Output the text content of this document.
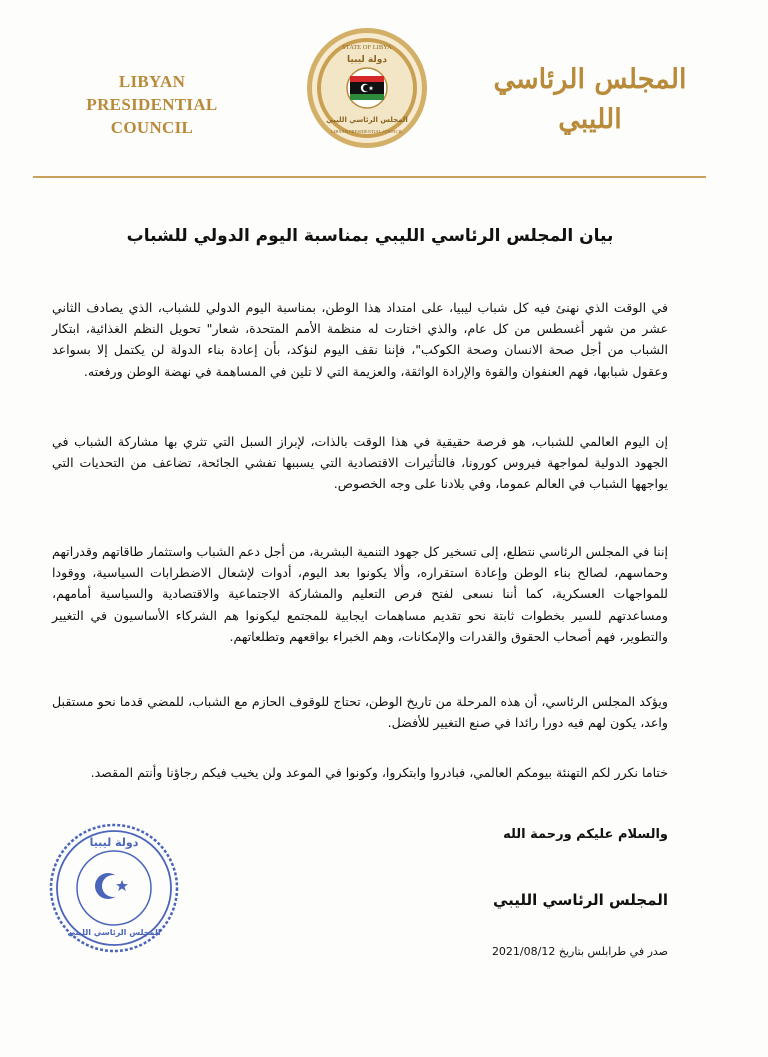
LIBYAN PRESIDENTIAL COUNCIL
STATE OF LIBYA
دولة ليبيا
المجلس الرئاسي الليبي
LIBYAN PRESIDENTIAL COUNCIL
المجلس الرئاسي الليبي
بيان المجلس الرئاسي الليبي بمناسبة اليوم الدولي للشباب
في الوقت الذي نهنئ فيه كل شباب ليبيا، على امتداد هذا الوطن، بمناسبة اليوم الدولي للشباب، الذي يصادف الثاني عشر من شهر أغسطس من كل عام، والذي اختارت له منظمة الأمم المتحدة، شعار" تحويل النظم الغذائية، ابتكار الشباب من أجل صحة الانسان وصحة الكوكب"، فإننا نقف اليوم لنؤكد، بأن إعادة بناء الدولة لن يكتمل إلا بسواعد وعقول شبابها، فهم العنفوان والقوة والإرادة الواثقة، والعزيمة التي لا تلين في المساهمة في نهضة الوطن ورفعته.
إن اليوم العالمي للشباب، هو فرصة حقيقية في هذا الوقت بالذات، لإبراز السبل التي تثري بها مشاركة الشباب في الجهود الدولية لمواجهة فيروس كورونا، فالتأثيرات الاقتصادية التي يسببها تفشي الجائحة، تضاعف من التحديات التي يواجهها الشباب في العالم عموما، وفي بلادنا على وجه الخصوص.
إننا في المجلس الرئاسي نتطلع، إلى تسخير كل جهود التنمية البشرية، من أجل دعم الشباب واستثمار طاقاتهم وقدراتهم وحماسهم، لصالح بناء الوطن وإعادة استقراره، وألا يكونوا بعد اليوم، أدوات لإشعال الاضطرابات السياسية، ووقودا للمواجهات العسكرية، كما أننا نسعى لفتح فرص التعليم والمشاركة الاجتماعية والاقتصادية والسياسية أمامهم، ومساعدتهم للسير بخطوات ثابتة نحو تقديم مساهمات ايجابية للمجتمع ليكونوا هم الشركاء الأساسيون في التغيير والتطوير، فهم أصحاب الحقوق والقدرات والإمكانات، وهم الخبراء بواقعهم وتطلعاتهم.
ويؤكد المجلس الرئاسي، أن هذه المرحلة من تاريخ الوطن، تحتاج للوقوف الحازم مع الشباب، للمضي قدما نحو مستقبل واعد، يكون لهم فيه دورا رائدا في صنع التغيير للأفضل.
ختاما نكرر لكم التهنئة بيومكم العالمي، فبادروا وابتكروا، وكونوا في الموعد ولن يخيب فيكم رجاؤنا وأنتم المقصد.
والسلام عليكم ورحمة الله
دولة ليبيا
المجلس الرئاسي الليبي
المجلس الرئاسي الليبي
صدر في طرابلس بتاريخ 2021/08/12
